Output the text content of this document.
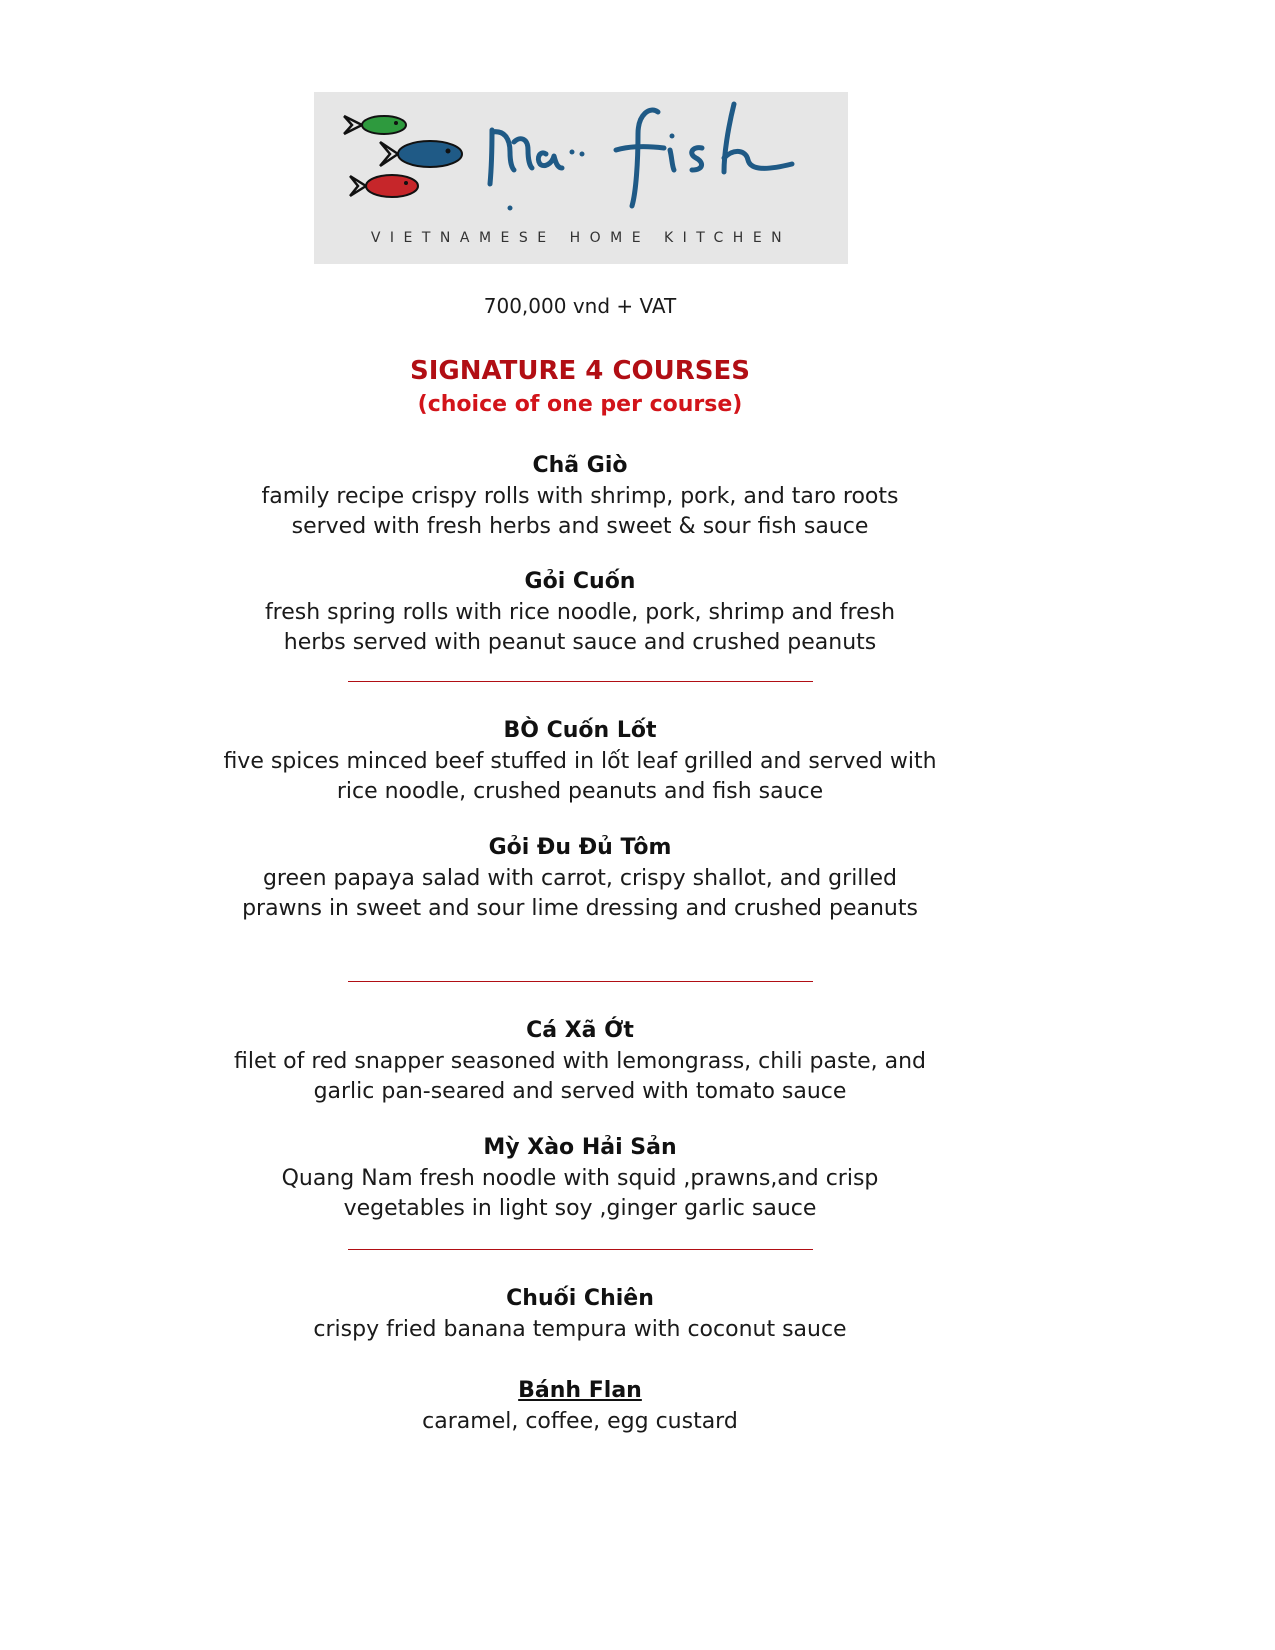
VIETNAMESE HOME KITCHEN
700,000 vnd + VAT
SIGNATURE 4 COURSES
(choice of one per course)
Chã Giò
family recipe crispy rolls with shrimp, pork, and taro roots served with fresh herbs and sweet & sour fish sauce
Gỏi Cuốn
fresh spring rolls with rice noodle, pork, shrimp and fresh herbs served with peanut sauce and crushed peanuts
BÒ Cuốn Lốt
five spices minced beef stuffed in lốt leaf grilled and served with rice noodle, crushed peanuts and fish sauce
Gỏi Đu Đủ Tôm
green papaya salad with carrot, crispy shallot, and grilled prawns in sweet and sour lime dressing and crushed peanuts
Cá Xã Ớt
filet of red snapper seasoned with lemongrass, chili paste, and garlic pan-seared and served with tomato sauce
Mỳ Xào Hải Sản
Quang Nam fresh noodle with squid ,prawns,and crisp vegetables in light soy ,ginger garlic sauce
Chuối Chiên
crispy fried banana tempura with coconut sauce
Bánh Flan
caramel, coffee, egg custard
